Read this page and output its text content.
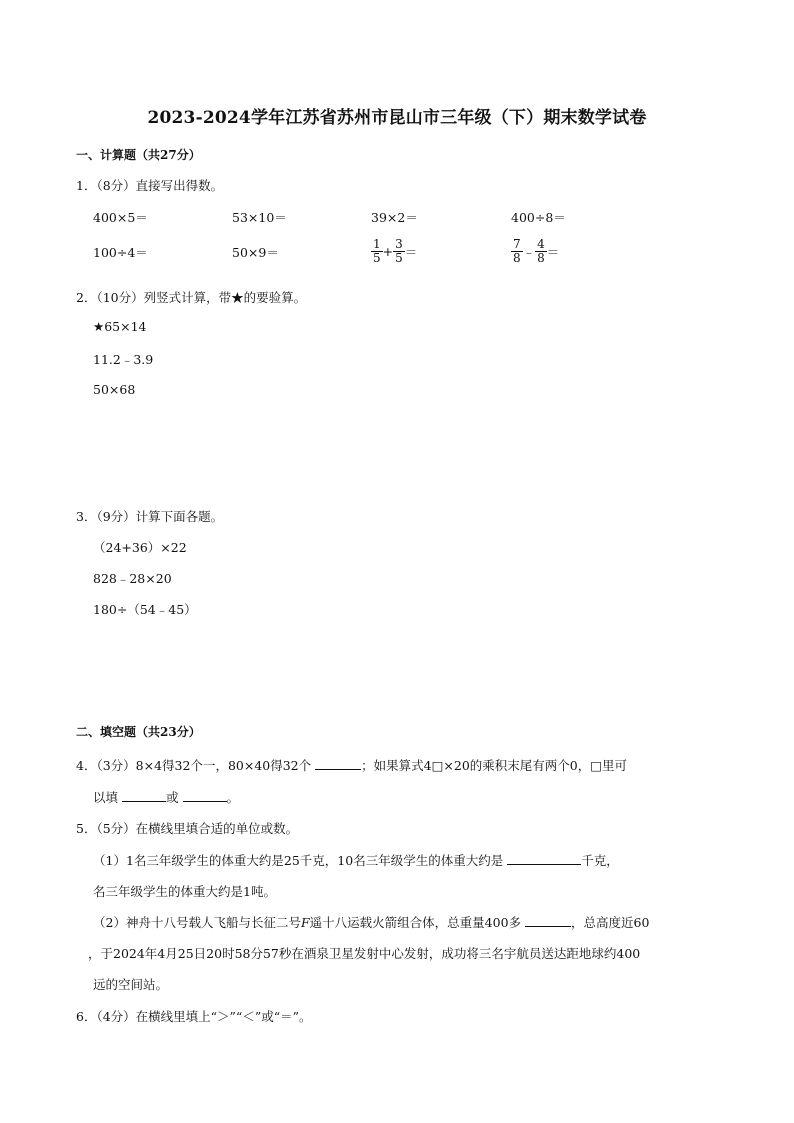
2023-2024学年江苏省苏州市昆山市三年级（下）期末数学试卷
一、计算题（共27分）
1．（8分）直接写出得数。
400×5＝	53×10＝	39×2＝	400÷8＝
100÷4＝	50×9＝	$\frac{1}{5} + \frac{3}{5}$ ＝	$\frac{7}{8}$ ﹣ $\frac{4}{8}$ ＝
2．（10分）列竖式计算，带★的要验算。
★65×14
11.2﹣3.9
50×68
3．（9分）计算下面各题。
（24+36）×22
828﹣28×20
180÷（54﹣45）
二、填空题（共23分）
4．（3分）8×4得32个一，80×40得32个	；如果算式4□×20的乘积末尾有两个0，□里可
以填	或	。
5．（5分）在横线里填合适的单位或数。
（1）1名三年级学生的体重大约是25千克，10名三年级学生的体重大约是	千克，
名三年级学生的体重大约是1吨。
（2）神舟十八号载人飞船与长征二号F遥十八运载火箭组合体，总重量400多	，总高度近60
，于2024年4月25日20时58分57秒在酒泉卫星发射中心发射，成功将三名宇航员送达距地球约400
远的空间站。
6．（4分）在横线里填上“＞”“＜”或“＝”。
